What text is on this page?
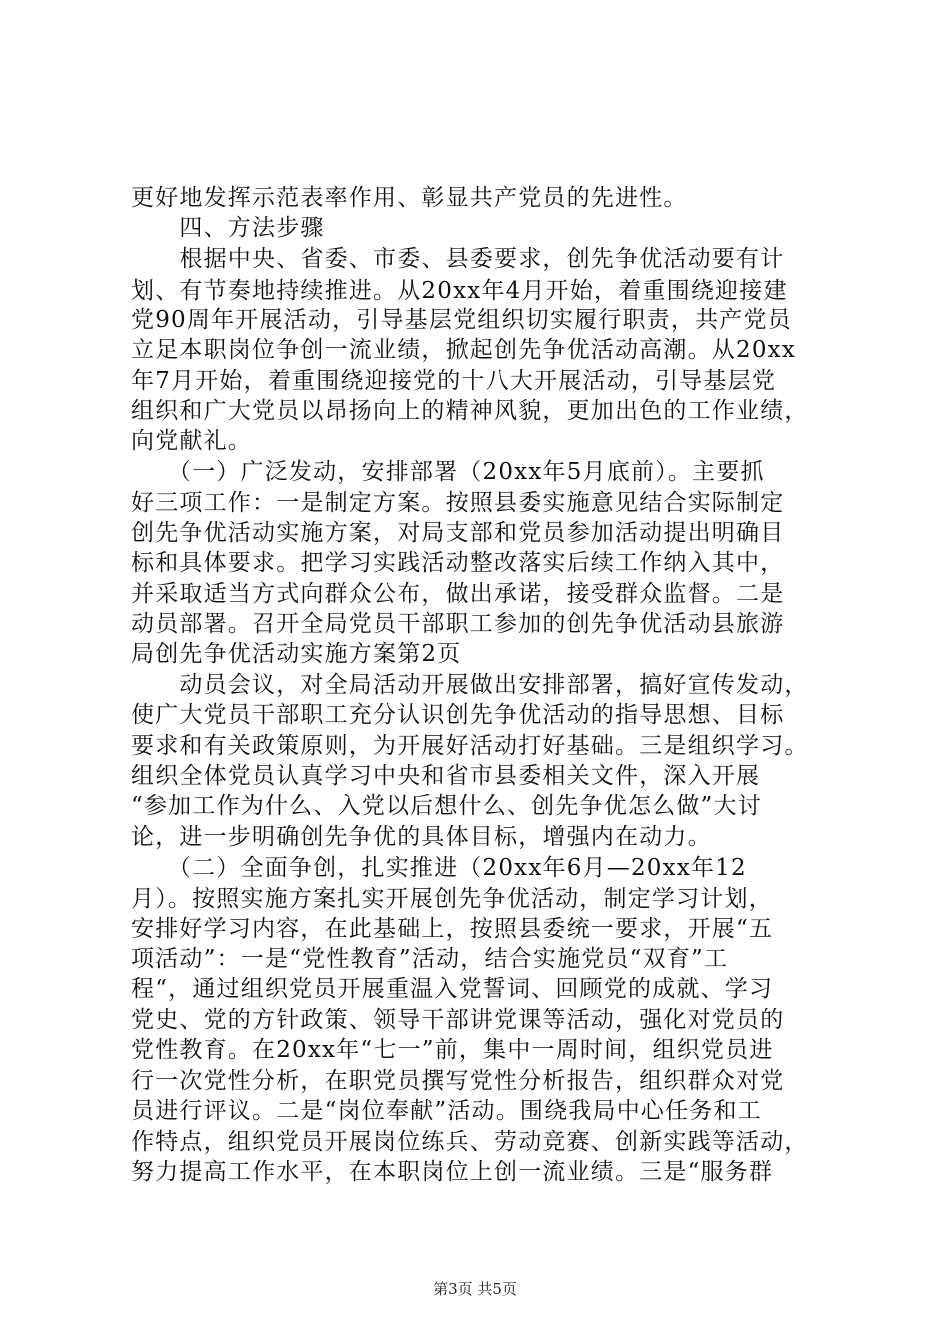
更好地发挥示范表率作用、彰显共产党员的先进性。
　　四、方法步骤
　　根据中央、省委、市委、县委要求，创先争优活动要有计
划、有节奏地持续推进。从20xx年4月开始，着重围绕迎接建
党90周年开展活动，引导基层党组织切实履行职责，共产党员
立足本职岗位争创一流业绩，掀起创先争优活动高潮。从20xx
年7月开始，着重围绕迎接党的十八大开展活动，引导基层党
组织和广大党员以昂扬向上的精神风貌，更加出色的工作业绩，
向党献礼。
　　（一）广泛发动，安排部署（20xx年5月底前）。主要抓
好三项工作：一是制定方案。按照县委实施意见结合实际制定
创先争优活动实施方案，对局支部和党员参加活动提出明确目
标和具体要求。把学习实践活动整改落实后续工作纳入其中，
并采取适当方式向群众公布，做出承诺，接受群众监督。二是
动员部署。召开全局党员干部职工参加的创先争优活动县旅游
局创先争优活动实施方案第2页
　　动员会议，对全局活动开展做出安排部署，搞好宣传发动，
使广大党员干部职工充分认识创先争优活动的指导思想、目标
要求和有关政策原则，为开展好活动打好基础。三是组织学习。
组织全体党员认真学习中央和省市县委相关文件，深入开展
“参加工作为什么、入党以后想什么、创先争优怎么做”大讨
论，进一步明确创先争优的具体目标，增强内在动力。
　　（二）全面争创，扎实推进（20xx年6月—20xx年12
月）。按照实施方案扎实开展创先争优活动，制定学习计划，
安排好学习内容，在此基础上，按照县委统一要求，开展“五
项活动”：一是“党性教育”活动，结合实施党员“双育”工
程“，通过组织党员开展重温入党誓词、回顾党的成就、学习
党史、党的方针政策、领导干部讲党课等活动，强化对党员的
党性教育。在20xx年“七一”前，集中一周时间，组织党员进
行一次党性分析，在职党员撰写党性分析报告，组织群众对党
员进行评议。二是“岗位奉献”活动。围绕我局中心任务和工
作特点，组织党员开展岗位练兵、劳动竞赛、创新实践等活动，
努力提高工作水平，在本职岗位上创一流业绩。三是“服务群
第3页 共5页
